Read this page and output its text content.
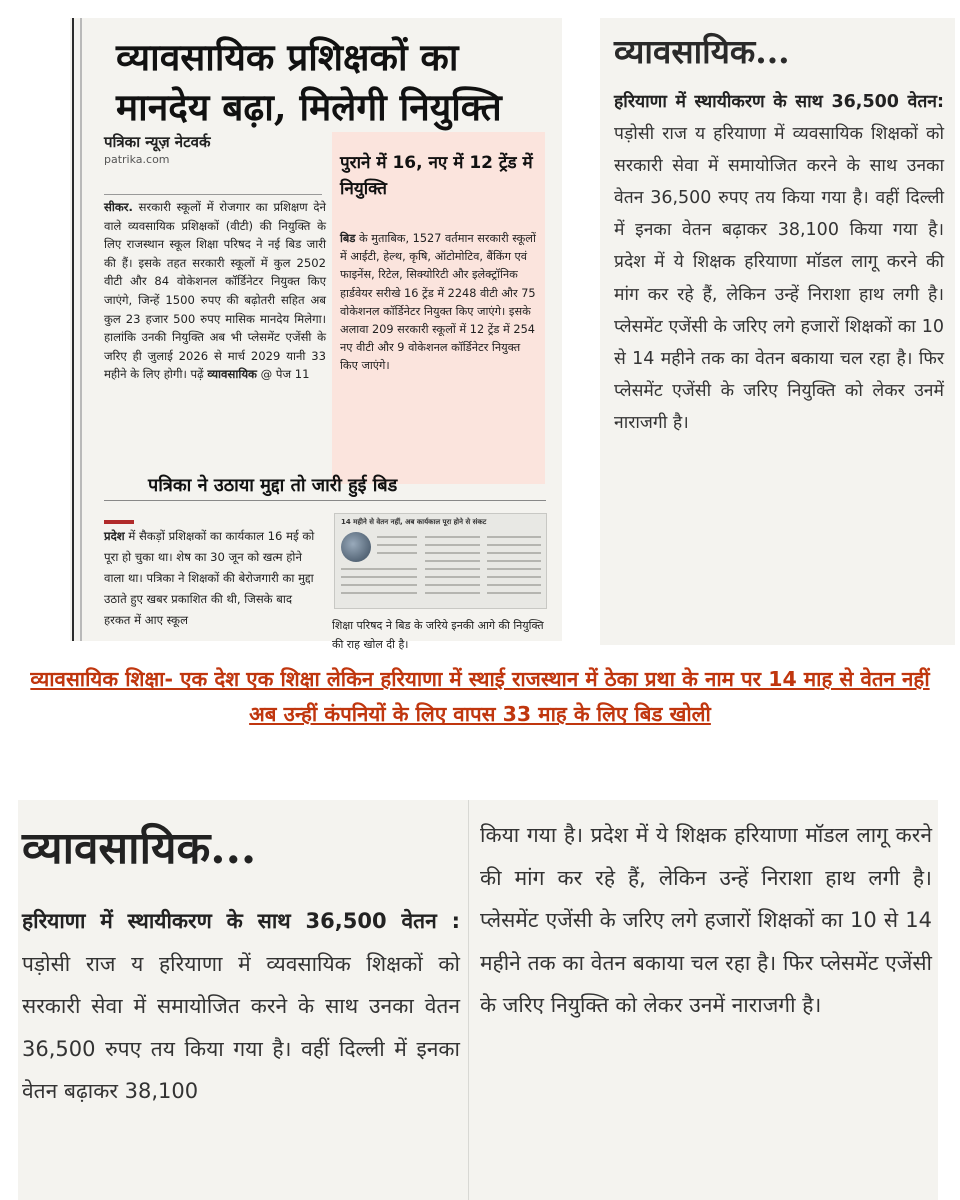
व्यावसायिक प्रशिक्षकों का मानदेय बढ़ा, मिलेगी नियुक्ति
पत्रिका न्यूज़ नेटवर्क
patrika.com
सीकर. सरकारी स्कूलों में रोजगार का प्रशिक्षण देने वाले व्यवसायिक प्रशिक्षकों (वीटी) की नियुक्ति के लिए राजस्थान स्कूल शिक्षा परिषद ने नई बिड जारी की हैं। इसके तहत सरकारी स्कूलों में कुल 2502 वीटी और 84 वोकेशनल कॉर्डिनेटर नियुक्त किए जाएंगे, जिन्हें 1500 रुपए की बढ़ोतरी सहित अब कुल 23 हजार 500 रुपए मासिक मानदेय मिलेगा। हालांकि उनकी नियुक्ति अब भी प्लेसमेंट एजेंसी के जरिए ही जुलाई 2026 से मार्च 2029 यानी 33 महीने के लिए होगी। पढ़ें व्यावसायिक @ पेज 11
पुराने में 16, नए में 12 ट्रेंड में नियुक्ति
बिड के मुताबिक, 1527 वर्तमान सरकारी स्कूलों में आईटी, हेल्थ, कृषि, ऑटोमोटिव, बैंकिंग एवं फाइनेंस, रिटेल, सिक्योरिटी और इलेक्ट्रॉनिक हार्डवेयर सरीखे 16 ट्रेंड में 2248 वीटी और 75 वोकेशनल कॉर्डिनेटर नियुक्त किए जाएंगे। इसके अलावा 209 सरकारी स्कूलों में 12 ट्रेंड में 254 नए वीटी और 9 वोकेशनल कॉर्डिनेटर नियुक्त किए जाएंगे।
पत्रिका ने उठाया मुद्दा तो जारी हुई बिड
प्रदेश में सैकड़ों प्रशिक्षकों का कार्यकाल 16 मई को पूरा हो चुका था। शेष का 30 जून को खत्म होने वाला था। पत्रिका ने शिक्षकों की बेरोजगारी का मुद्दा उठाते हुए खबर प्रकाशित की थी, जिसके बाद हरकत में आए स्कूल
14 महीने से वेतन नहीं, अब कार्यकाल पूरा होने से संकट
शिक्षा परिषद ने बिड के जरिये इनकी आगे की नियुक्ति की राह खोल दी है।
व्यावसायिक...
हरियाणा में स्थायीकरण के साथ 36,500 वेतन: पड़ोसी राज य हरियाणा में व्यवसायिक शिक्षकों को सरकारी सेवा में समायोजित करने के साथ उनका वेतन 36,500 रुपए तय किया गया है। वहीं दिल्ली में इनका वेतन बढ़ाकर 38,100 किया गया है। प्रदेश में ये शिक्षक हरियाणा मॉडल लागू करने की मांग कर रहे हैं, लेकिन उन्हें निराशा हाथ लगी है। प्लेसमेंट एजेंसी के जरिए लगे हजारों शिक्षकों का 10 से 14 महीने तक का वेतन बकाया चल रहा है। फिर प्लेसमेंट एजेंसी के जरिए नियुक्ति को लेकर उनमें नाराजगी है।
व्यावसायिक शिक्षा- एक देश एक शिक्षा लेकिन हरियाणा में स्थाई राजस्थान में ठेका प्रथा के नाम पर 14 माह से वेतन नहीं अब उन्हीं कंपनियों के लिए वापस 33 माह के लिए बिड खोली
व्यावसायिक...
हरियाणा में स्थायीकरण के साथ 36,500 वेतन : पड़ोसी राज य हरियाणा में व्यवसायिक शिक्षकों को सरकारी सेवा में समायोजित करने के साथ उनका वेतन 36,500 रुपए तय किया गया है। वहीं दिल्ली में इनका वेतन बढ़ाकर 38,100
किया गया है। प्रदेश में ये शिक्षक हरियाणा मॉडल लागू करने की मांग कर रहे हैं, लेकिन उन्हें निराशा हाथ लगी है। प्लेसमेंट एजेंसी के जरिए लगे हजारों शिक्षकों का 10 से 14 महीने तक का वेतन बकाया चल रहा है। फिर प्लेसमेंट एजेंसी के जरिए नियुक्ति को लेकर उनमें नाराजगी है।
